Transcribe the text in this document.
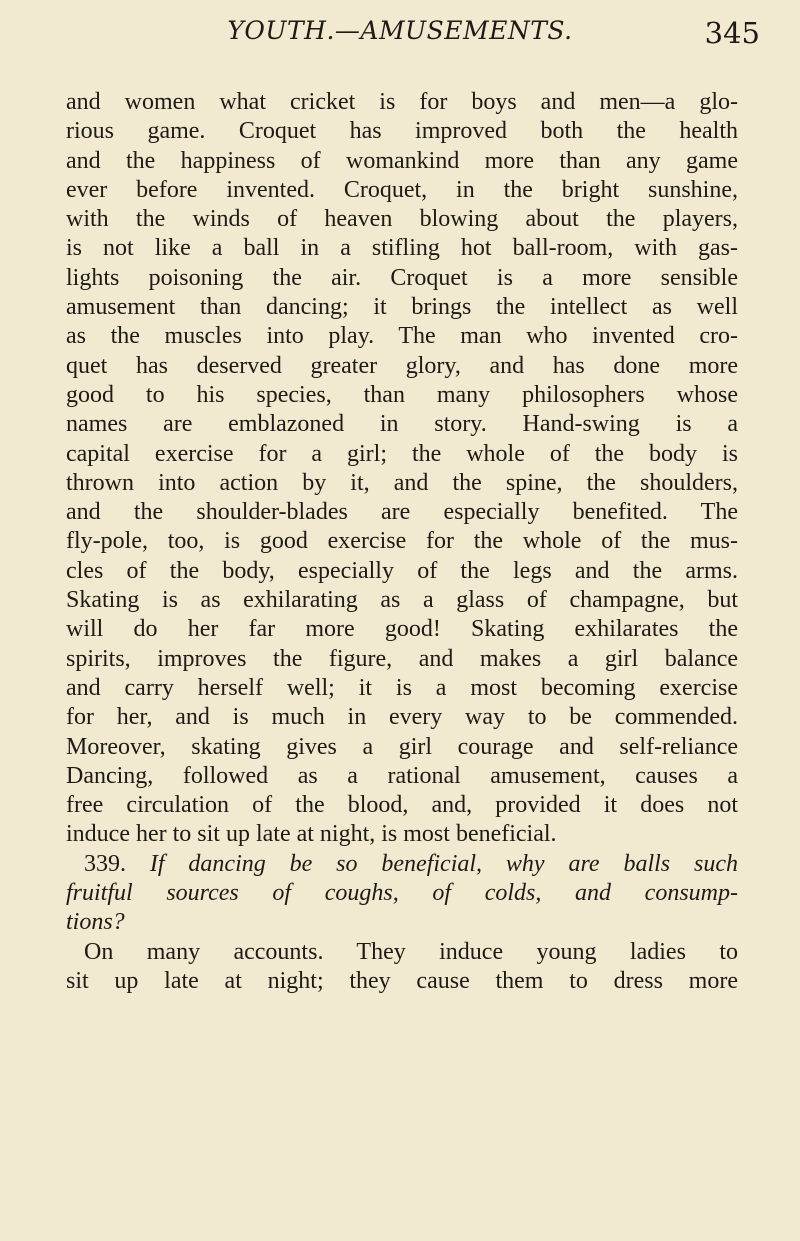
YOUTH.—AMUSEMENTS.	345
and women what cricket is for boys and men—a glo-
rious game. Croquet has improved both the health
and the happiness of womankind more than any game
ever before invented. Croquet, in the bright sunshine,
with the winds of heaven blowing about the players,
is not like a ball in a stifling hot ball-room, with gas-
lights poisoning the air. Croquet is a more sensible
amusement than dancing; it brings the intellect as well
as the muscles into play. The man who invented cro-
quet has deserved greater glory, and has done more
good to his species, than many philosophers whose
names are emblazoned in story. Hand-swing is a
capital exercise for a girl; the whole of the body is
thrown into action by it, and the spine, the shoulders,
and the shoulder-blades are especially benefited. The
fly-pole, too, is good exercise for the whole of the mus-
cles of the body, especially of the legs and the arms.
Skating is as exhilarating as a glass of champagne, but
will do her far more good! Skating exhilarates the
spirits, improves the figure, and makes a girl balance
and carry herself well; it is a most becoming exercise
for her, and is much in every way to be commended.
Moreover, skating gives a girl courage and self-reliance
Dancing, followed as a rational amusement, causes a
free circulation of the blood, and, provided it does not
induce her to sit up late at night, is most beneficial.
339. If dancing be so beneficial, why are balls such
fruitful sources of coughs, of colds, and consump-
tions?
On many accounts. They induce young ladies to
sit up late at night; they cause them to dress more
